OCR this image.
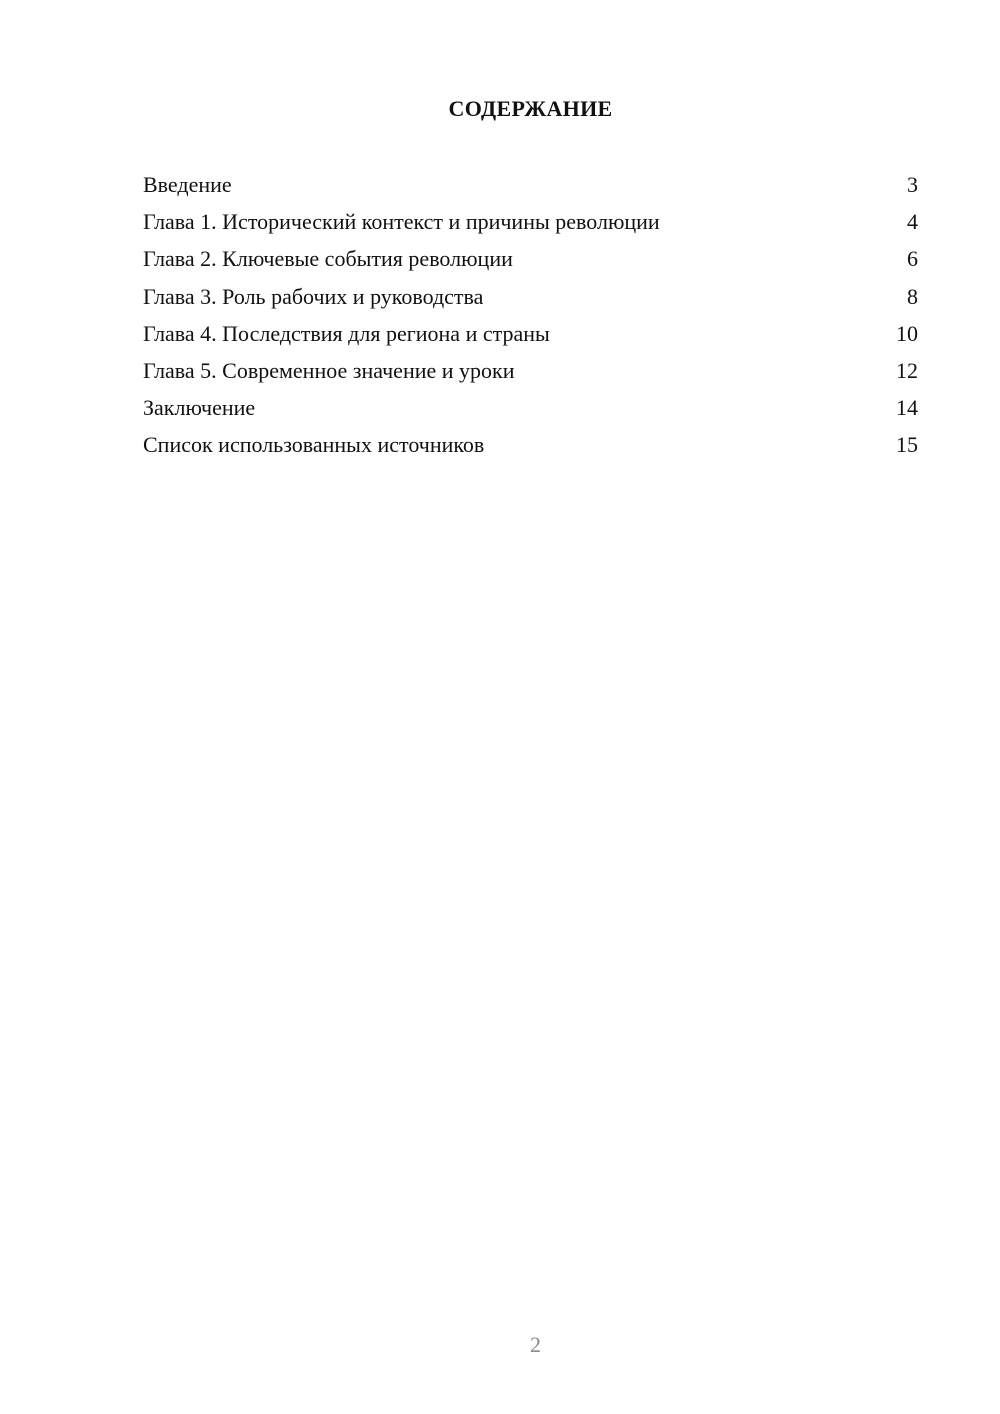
СОДЕРЖАНИЕ
Введение	3
Глава 1. Исторический контекст и причины революции	4
Глава 2. Ключевые события революции	6
Глава 3. Роль рабочих и руководства	8
Глава 4. Последствия для региона и страны	10
Глава 5. Современное значение и уроки	12
Заключение	14
Список использованных источников	15
2
